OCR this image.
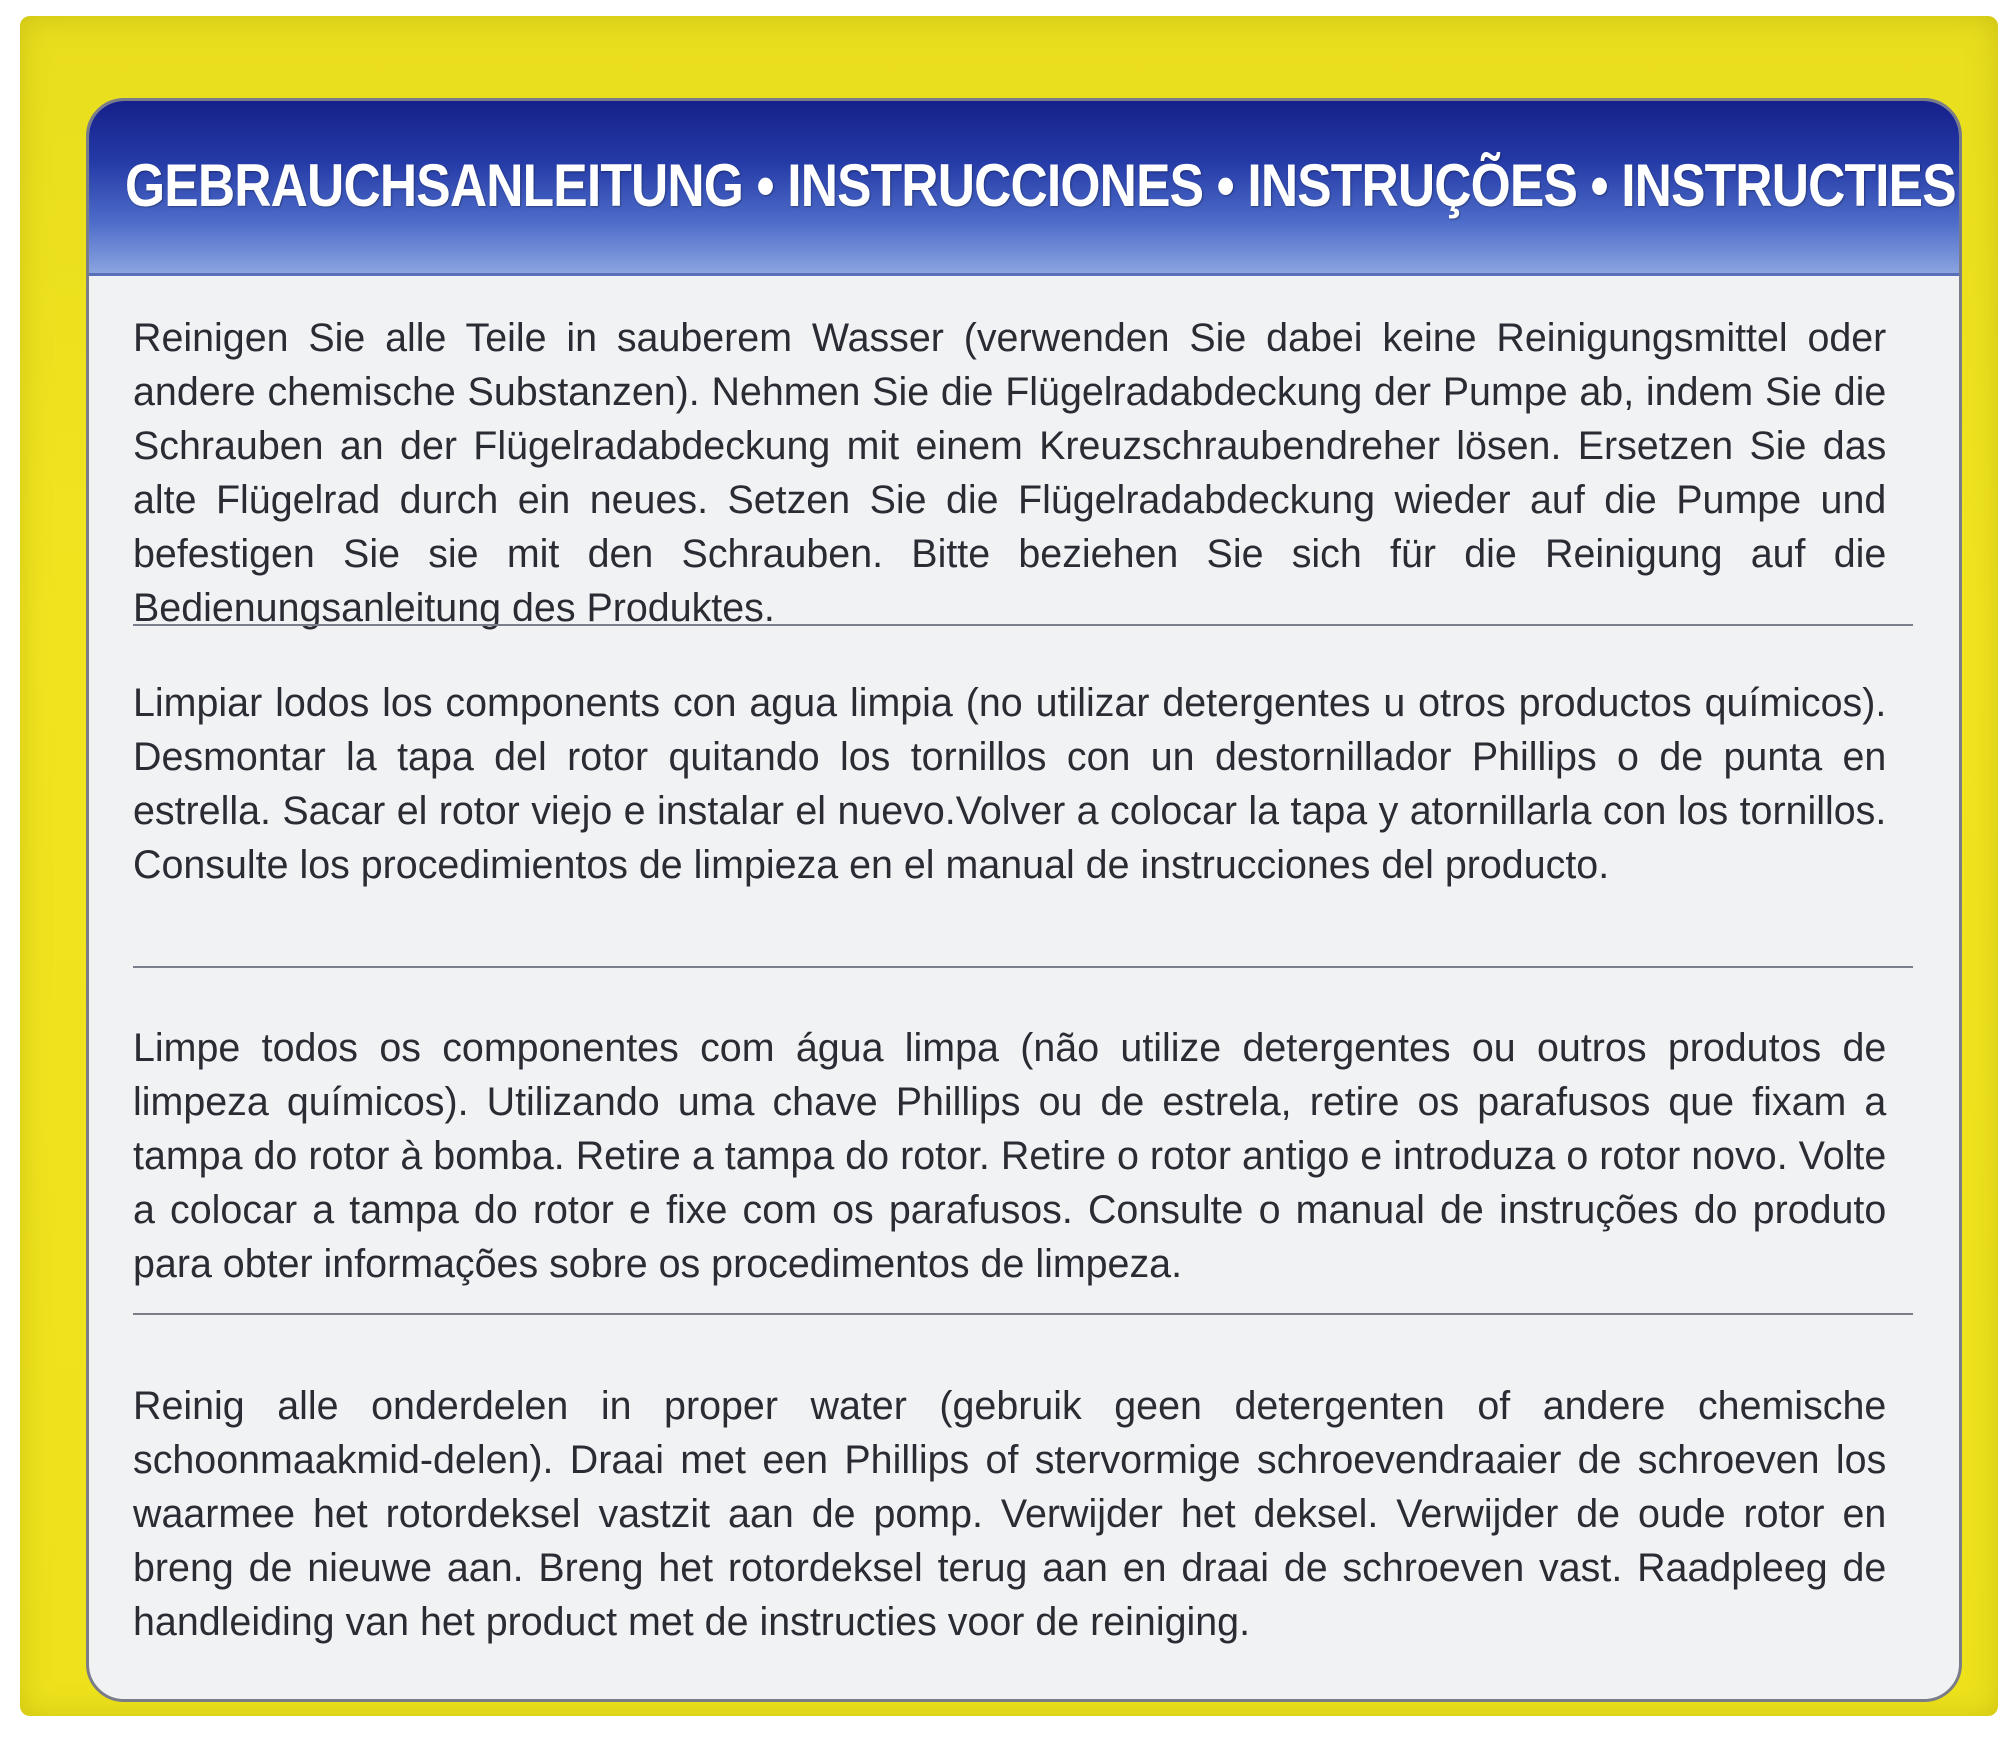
GEBRAUCHSANLEITUNG • INSTRUCCIONES • INSTRUÇÕES • INSTRUCTIES

Reinigen Sie alle Teile in sauberem Wasser (verwenden Sie dabei keine Reinigungsmittel oder andere chemische Substanzen). Nehmen Sie die Flügelradabdeckung der Pumpe ab, indem Sie die Schrauben an der Flügelradabdeckung mit einem Kreuzschraubendreher lösen. Ersetzen Sie das alte Flügelrad durch ein neues. Setzen Sie die Flügelradabdeckung wieder auf die Pumpe und befestigen Sie sie mit den Schrauben. Bitte beziehen Sie sich für die Reinigung auf die Bedienungsanleitung des Produktes.

Limpiar lodos los components con agua limpia (no utilizar detergentes u otros productos químicos). Desmontar la tapa del rotor quitando los tornillos con un destornillador Phillips o de punta en estrella. Sacar el rotor viejo e instalar el nuevo.Volver a colocar la tapa y atornillarla con los tornillos. Consulte los procedimientos de limpieza en el manual de instrucciones del producto.

Limpe todos os componentes com água limpa (não utilize detergentes ou outros produtos de limpeza químicos). Utilizando uma chave Phillips ou de estrela, retire os parafusos que fixam a tampa do rotor à bomba. Retire a tampa do rotor. Retire o rotor antigo e introduza o rotor novo. Volte a colocar a tampa do rotor e fixe com os parafusos. Consulte o manual de instruções do produto para obter informações sobre os procedimentos de limpeza.

Reinig alle onderdelen in proper water (gebruik geen detergenten of andere chemische schoonmaakmid-delen). Draai met een Phillips of stervormige schroevendraaier de schroeven los waarmee het rotordeksel vastzit aan de pomp. Verwijder het deksel. Verwijder de oude rotor en breng de nieuwe aan. Breng het rotordeksel terug aan en draai de schroeven vast. Raadpleeg de handleiding van het product met de instructies voor de reiniging.
